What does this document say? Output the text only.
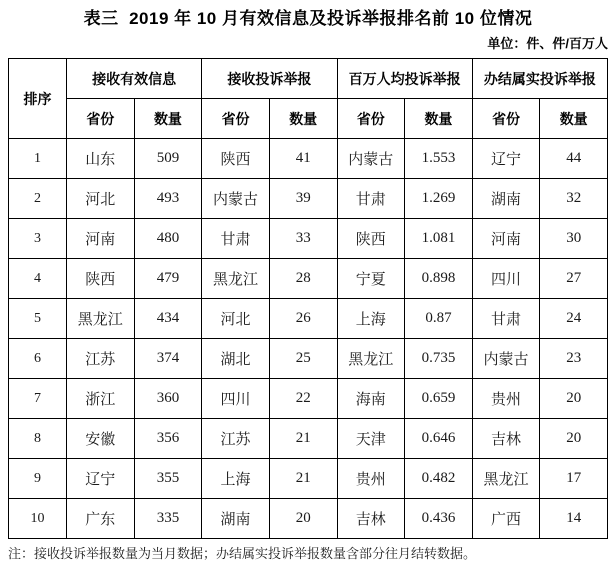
表三  2019 年 10 月有效信息及投诉举报排名前 10 位情况
单位：件、件/百万人
排序	接收有效信息		接收投诉举报		百万人均投诉举报		办结属实投诉举报	
	省份	数量	省份	数量	省份	数量	省份	数量
1	山东	509	陕西	41	内蒙古	1.553	辽宁	44
2	河北	493	内蒙古	39	甘肃	1.269	湖南	32
3	河南	480	甘肃	33	陕西	1.081	河南	30
4	陕西	479	黑龙江	28	宁夏	0.898	四川	27
5	黑龙江	434	河北	26	上海	0.87	甘肃	24
6	江苏	374	湖北	25	黑龙江	0.735	内蒙古	23
7	浙江	360	四川	22	海南	0.659	贵州	20
8	安徽	356	江苏	21	天津	0.646	吉林	20
9	辽宁	355	上海	21	贵州	0.482	黑龙江	17
10	广东	335	湖南	20	吉林	0.436	广西	14
注：接收投诉举报数量为当月数据；办结属实投诉举报数量含部分往月结转数据。
